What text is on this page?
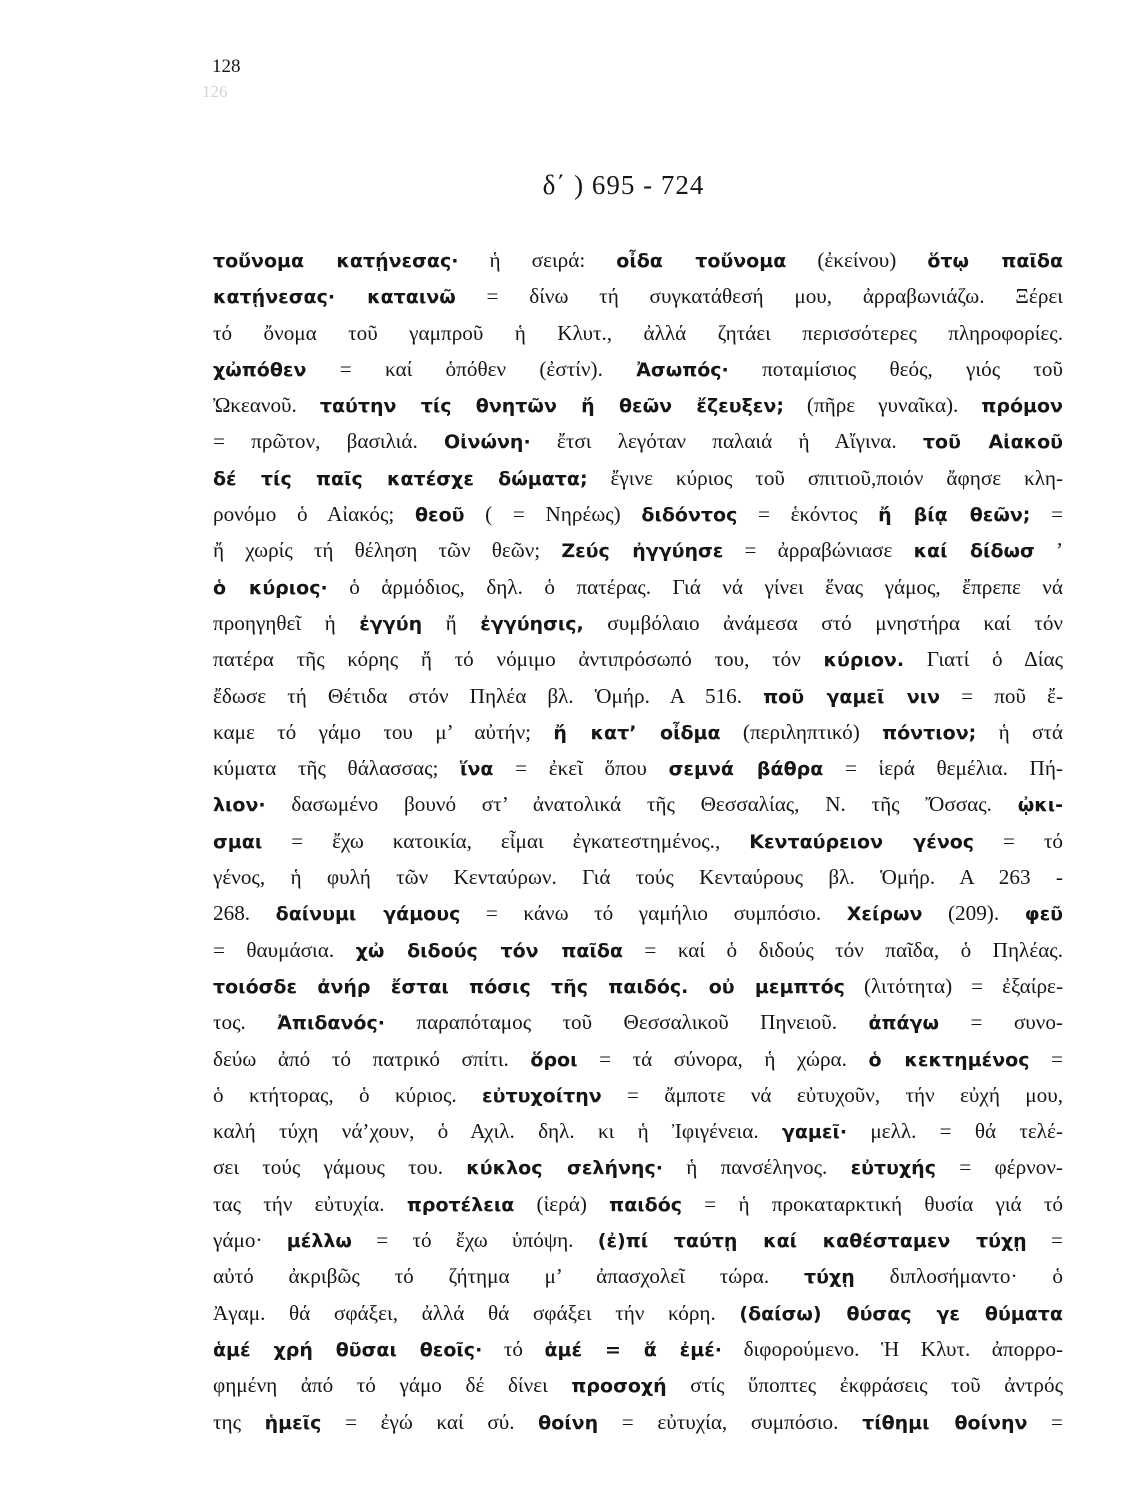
128
126
δ΄ ) 695 - 724
τοὔνομα κατῄνεσας· ἡ σειρά: οἶδα τοὔνομα (ἐκείνου) ὅτῳ παῖδα
κατῄνεσας· καταινῶ = δίνω τή συγκατάθεσή μου, ἀρραβωνιάζω. Ξέρει
τό ὄνομα τοῦ γαμπροῦ ἡ Κλυτ., ἀλλά ζητάει περισσότερες πληροφορίες.
χὠπόθεν = καί ὁπόθεν (ἐστίν). Ἀσωπός· ποταμίσιος θεός, γιός τοῦ
Ὠκεανοῦ. ταύτην τίς θνητῶν ἤ θεῶν ἔζευξεν; (πῆρε γυναῖκα). πρόμον
= πρῶτον, βασιλιά. Οἰνώνη· ἔτσι λεγόταν παλαιά ἡ Αἴγινα. τοῦ Αἰακοῦ
δέ τίς παῖς κατέσχε δώματα; ἔγινε κύριος τοῦ σπιτιοῦ,ποιόν ἄφησε κλη-
ρονόμο ὁ Αἰακός; θεοῦ ( = Νηρέως) διδόντος = ἑκόντος ἤ βίᾳ θεῶν; =
ἤ χωρίς τή θέληση τῶν θεῶν; Ζεύς ἠγγύησε = ἀρραβώνιασε καί δίδωσ ’
ὁ κύριος· ὁ ἁρμόδιος, δηλ. ὁ πατέρας. Γιά νά γίνει ἕνας γάμος, ἔπρεπε νά
προηγηθεῖ ἡ ἐγγύη ἤ ἐγγύησις, συμβόλαιο ἀνάμεσα στό μνηστήρα καί τόν
πατέρα τῆς κόρης ἤ τό νόμιμο ἀντιπρόσωπό του, τόν κύριον. Γιατί ὁ Δίας
ἔδωσε τή Θέτιδα στόν Πηλέα βλ. Ὁμήρ. Α 516. ποῦ γαμεῖ νιν = ποῦ ἔ-
καμε τό γάμο του μ’ αὐτήν; ἤ κατ’ οἶδμα (περιληπτικό) πόντιον; ἡ στά
κύματα τῆς θάλασσας; ἵνα = ἐκεῖ ὅπου σεμνά βάθρα = ἱερά θεμέλια. Πή-
λιον· δασωμένο βουνό στ’ ἀνατολικά τῆς Θεσσαλίας, Ν. τῆς Ὄσσας. ᾠκι-
σμαι = ἔχω κατοικία, εἶμαι ἐγκατεστημένος., Κενταύρειον γένος = τό
γένος, ἡ φυλή τῶν Κενταύρων. Γιά τούς Κενταύρους βλ. Ὁμήρ. Α 263 -
268. δαίνυμι γάμους = κάνω τό γαμήλιο συμπόσιο. Χείρων (209). φεῦ
= θαυμάσια. χὠ διδούς τόν παῖδα = καί ὁ διδούς τόν παῖδα, ὁ Πηλέας.
τοιόσδε ἀνήρ ἔσται πόσις τῆς παιδός. οὐ μεμπτός (λιτότητα) = ἐξαίρε-
τος. Ἀπιδανός· παραπόταμος τοῦ Θεσσαλικοῦ Πηνειοῦ. ἀπάγω = συνο-
δεύω ἀπό τό πατρικό σπίτι. ὅροι = τά σύνορα, ἡ χώρα. ὁ κεκτημένος =
ὁ κτήτορας, ὁ κύριος. εὐτυχοίτην = ἄμποτε νά εὐτυχοῦν, τήν εὐχή μου,
καλή τύχη νά’χουν, ὁ Αχιλ. δηλ. κι ἡ Ἰφιγένεια. γαμεῖ· μελλ. = θά τελέ-
σει τούς γάμους του. κύκλος σελήνης· ἡ πανσέληνος. εὐτυχής = φέρνον-
τας τήν εὐτυχία. προτέλεια (ἱερά) παιδός = ἡ προκαταρκτική θυσία γιά τό
γάμο· μέλλω = τό ἔχω ὑπόψη. (ἐ)πί ταύτῃ καί καθέσταμεν τύχῃ =
αὐτό ἀκριβῶς τό ζήτημα μ’ ἀπασχολεῖ τώρα. τύχῃ διπλοσήμαντο· ὁ
Ἀγαμ. θά σφάξει, ἀλλά θά σφάξει τήν κόρη. (δαίσω) θύσας γε θύματα
ἁμέ χρή θῦσαι θεοῖς· τό ἁμέ = ἅ ἐμέ· διφορούμενο. Ἡ Κλυτ. ἀπορρο-
φημένη ἀπό τό γάμο δέ δίνει προσοχή στίς ὕποπτες ἐκφράσεις τοῦ ἀντρός
της ἡμεῖς = ἐγώ καί σύ. θοίνη = εὐτυχία, συμπόσιο. τίθημι θοίνην =
